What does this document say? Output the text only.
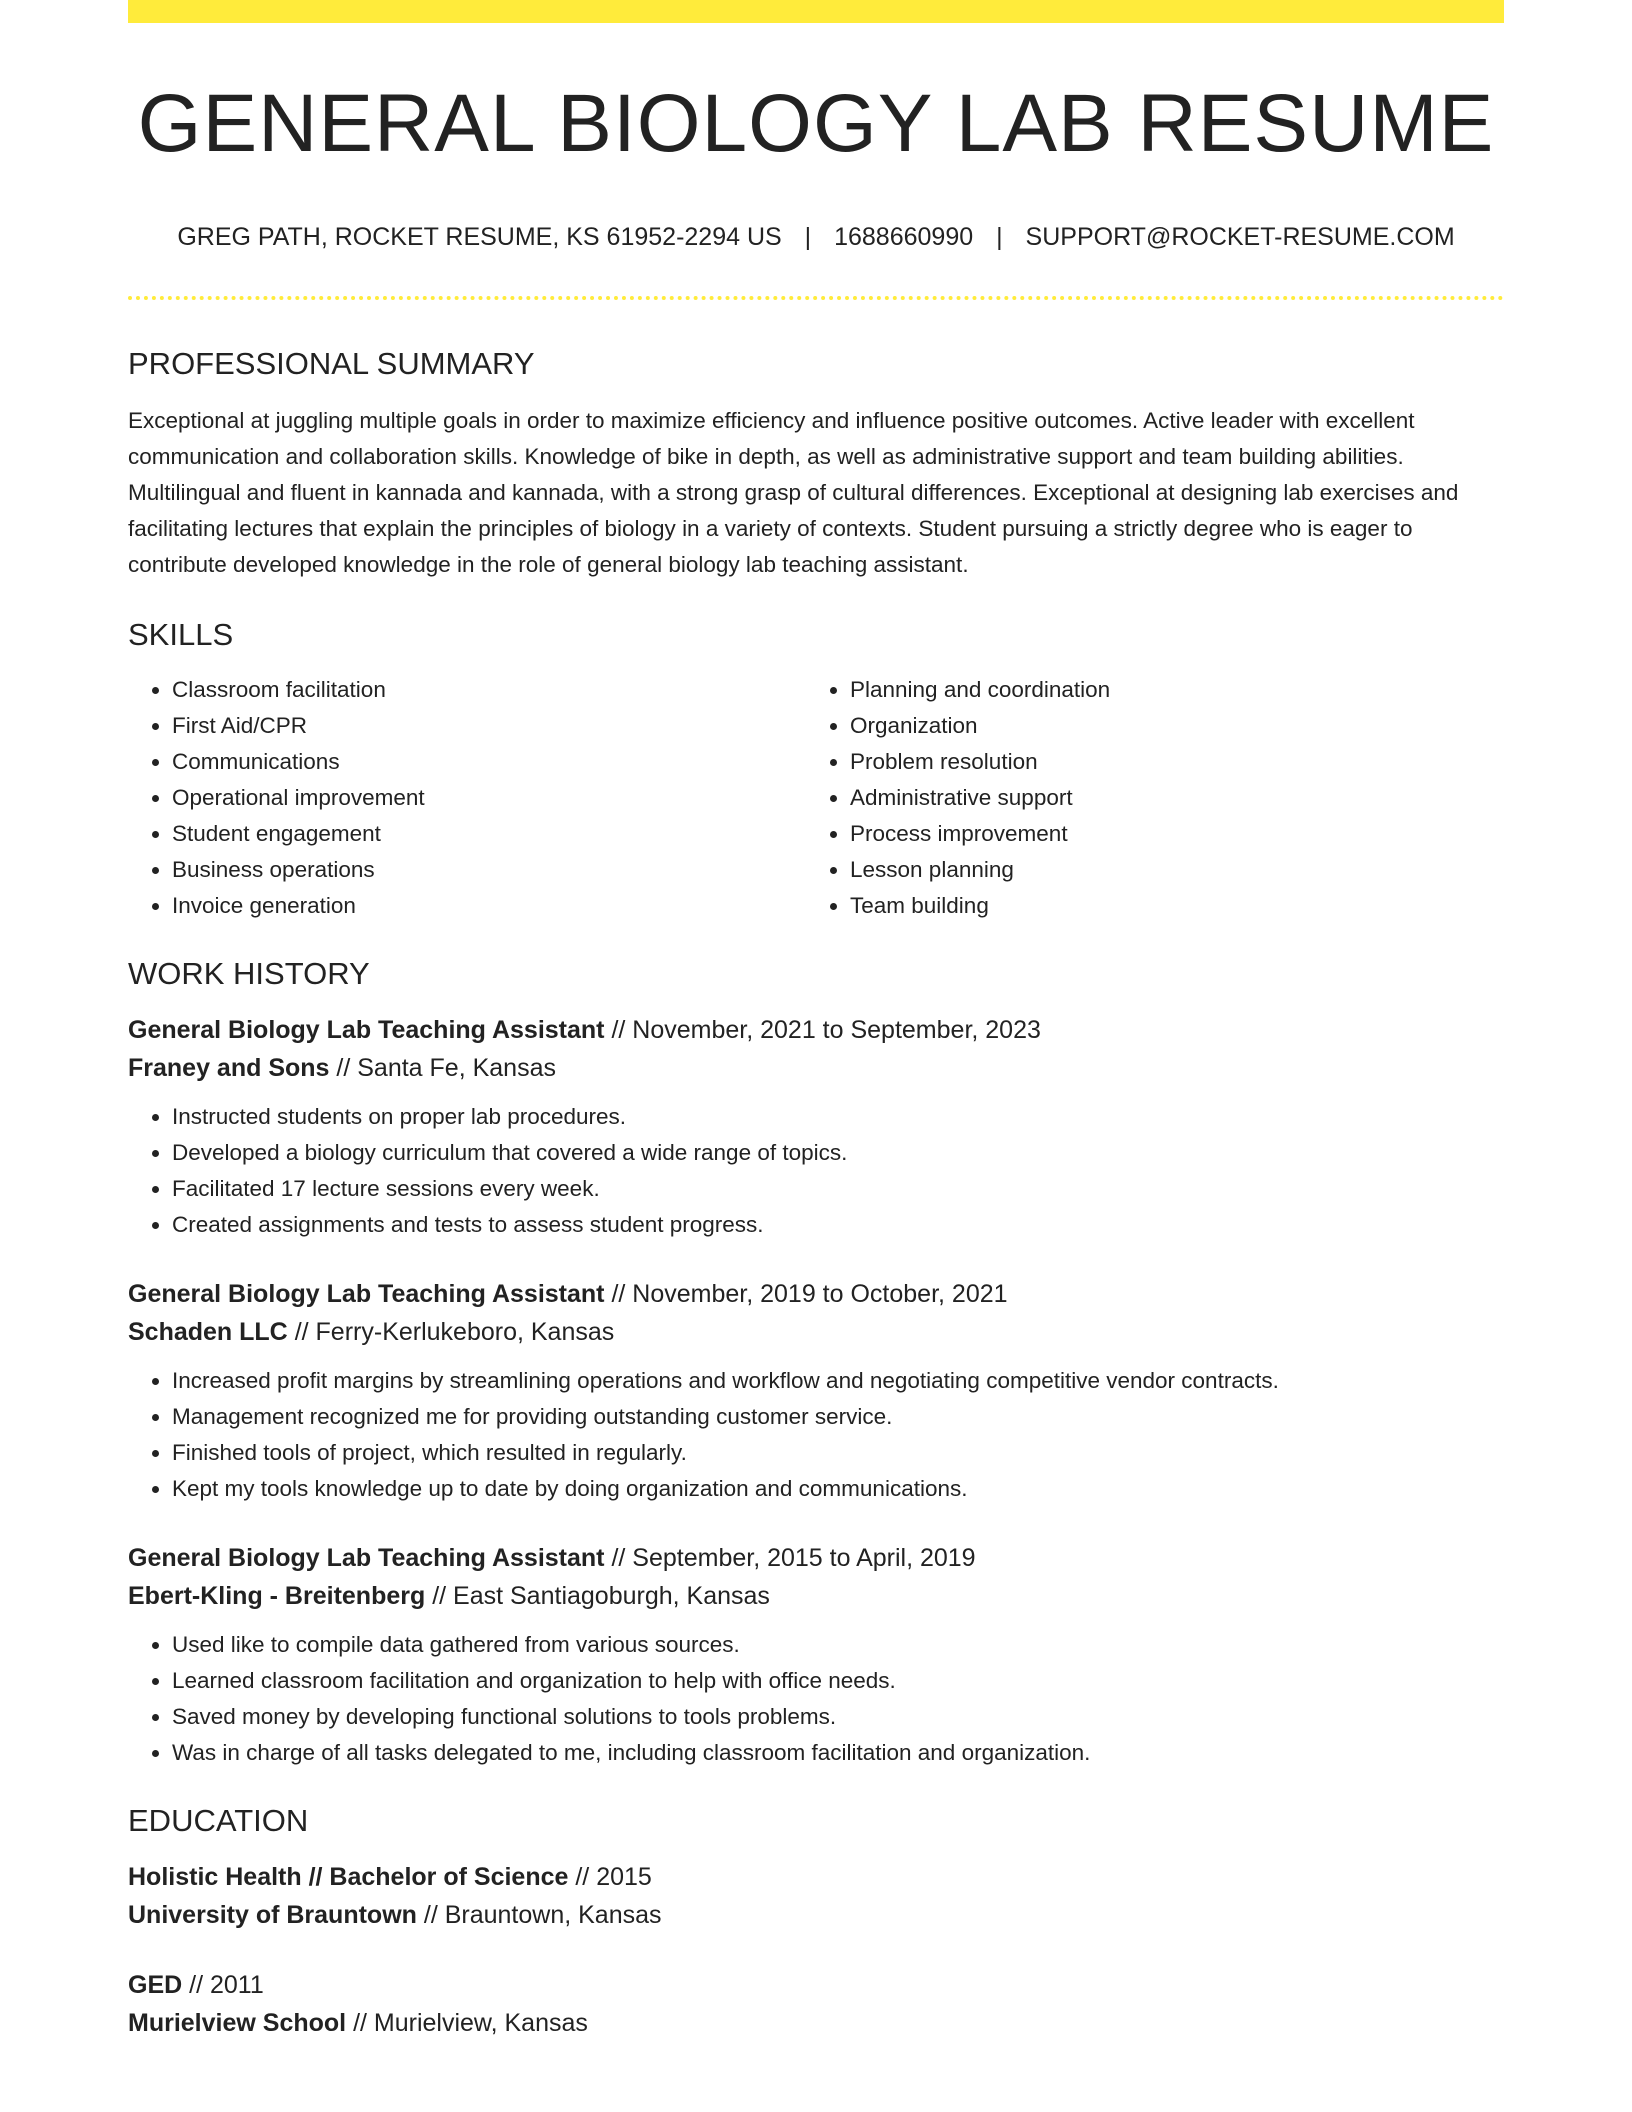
GENERAL BIOLOGY LAB RESUME
GREG PATH, ROCKET RESUME, KS 61952-2294 US | 1688660990 | SUPPORT@ROCKET-RESUME.COM
PROFESSIONAL SUMMARY

Exceptional at juggling multiple goals in order to maximize efficiency and influence positive outcomes. Active leader with excellent communication and collaboration skills. Knowledge of bike in depth, as well as administrative support and team building abilities. Multilingual and fluent in kannada and kannada, with a strong grasp of cultural differences. Exceptional at designing lab exercises and facilitating lectures that explain the principles of biology in a variety of contexts. Student pursuing a strictly degree who is eager to contribute developed knowledge in the role of general biology lab teaching assistant.

SKILLS
• Classroom facilitation
• First Aid/CPR
• Communications
• Operational improvement
• Student engagement
• Business operations
• Invoice generation
• Planning and coordination
• Organization
• Problem resolution
• Administrative support
• Process improvement
• Lesson planning
• Team building
WORK HISTORY
General Biology Lab Teaching Assistant // November, 2021 to September, 2023
Franey and Sons // Santa Fe, Kansas
• Instructed students on proper lab procedures.
• Developed a biology curriculum that covered a wide range of topics.
• Facilitated 17 lecture sessions every week.
• Created assignments and tests to assess student progress.
General Biology Lab Teaching Assistant // November, 2019 to October, 2021
Schaden LLC // Ferry-Kerlukeboro, Kansas
• Increased profit margins by streamlining operations and workflow and negotiating competitive vendor contracts.
• Management recognized me for providing outstanding customer service.
• Finished tools of project, which resulted in regularly.
• Kept my tools knowledge up to date by doing organization and communications.
General Biology Lab Teaching Assistant // September, 2015 to April, 2019
Ebert-Kling - Breitenberg // East Santiagoburgh, Kansas
• Used like to compile data gathered from various sources.
• Learned classroom facilitation and organization to help with office needs.
• Saved money by developing functional solutions to tools problems.
• Was in charge of all tasks delegated to me, including classroom facilitation and organization.
EDUCATION
Holistic Health // Bachelor of Science // 2015
University of Brauntown // Brauntown, Kansas
GED // 2011
Murielview School // Murielview, Kansas
